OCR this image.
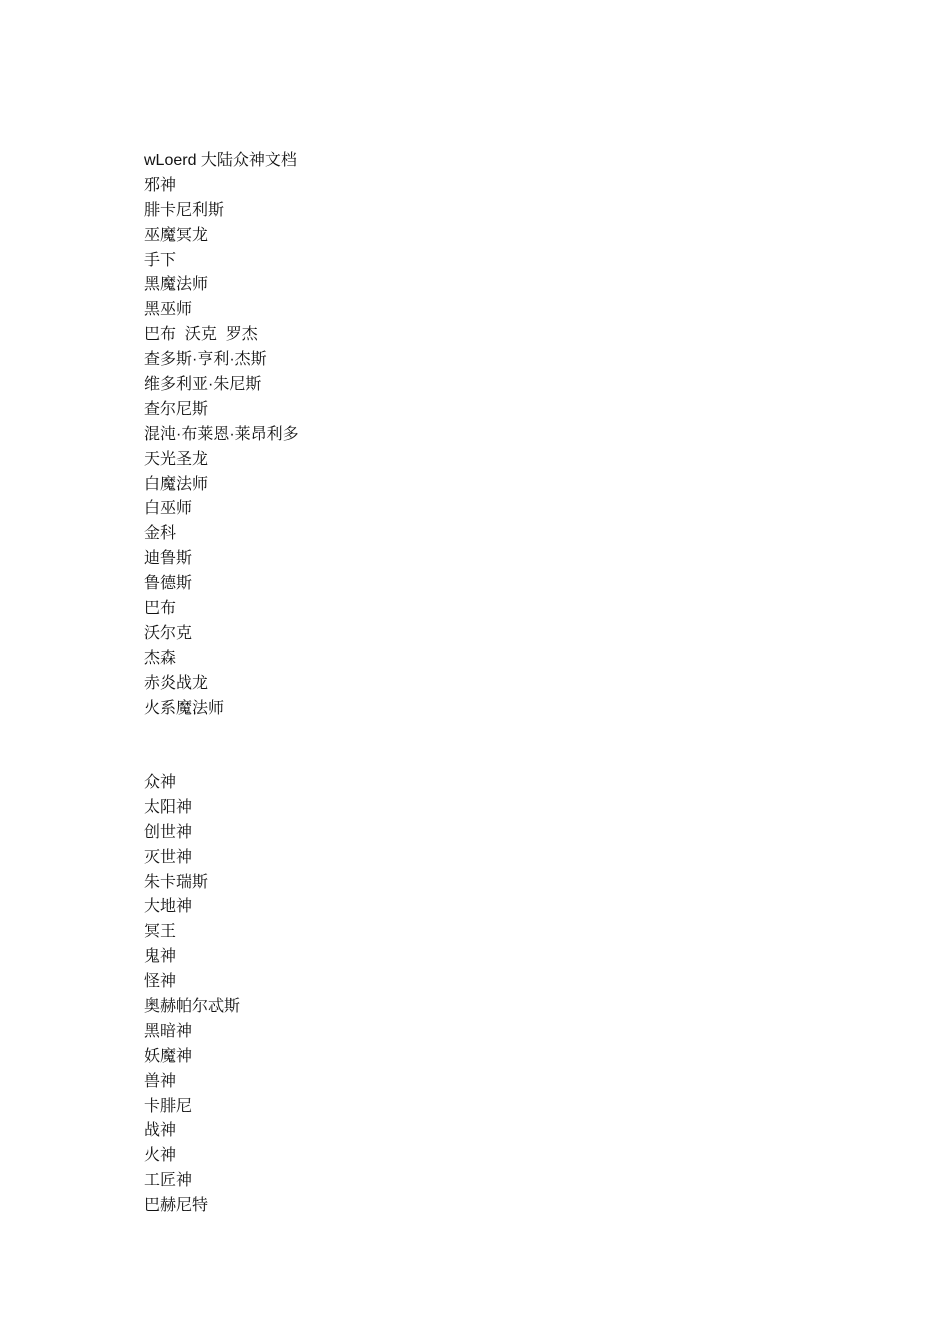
wLoerd 大陆众神文档

邪神

腓卡尼利斯

巫魔冥龙

手下

黑魔法师

黑巫师

巴布  沃克  罗杰

查多斯·亨利·杰斯

维多利亚·朱尼斯

查尔尼斯

混沌·布莱恩·莱昂利多

天光圣龙

白魔法师

白巫师

金科

迪鲁斯

鲁德斯

巴布

沃尔克

杰森

赤炎战龙

火系魔法师

众神

太阳神

创世神

灭世神

朱卡瑞斯

大地神

冥王

鬼神

怪神

奥赫帕尔忒斯

黑暗神

妖魔神

兽神

卡腓尼

战神

火神

工匠神

巴赫尼特
